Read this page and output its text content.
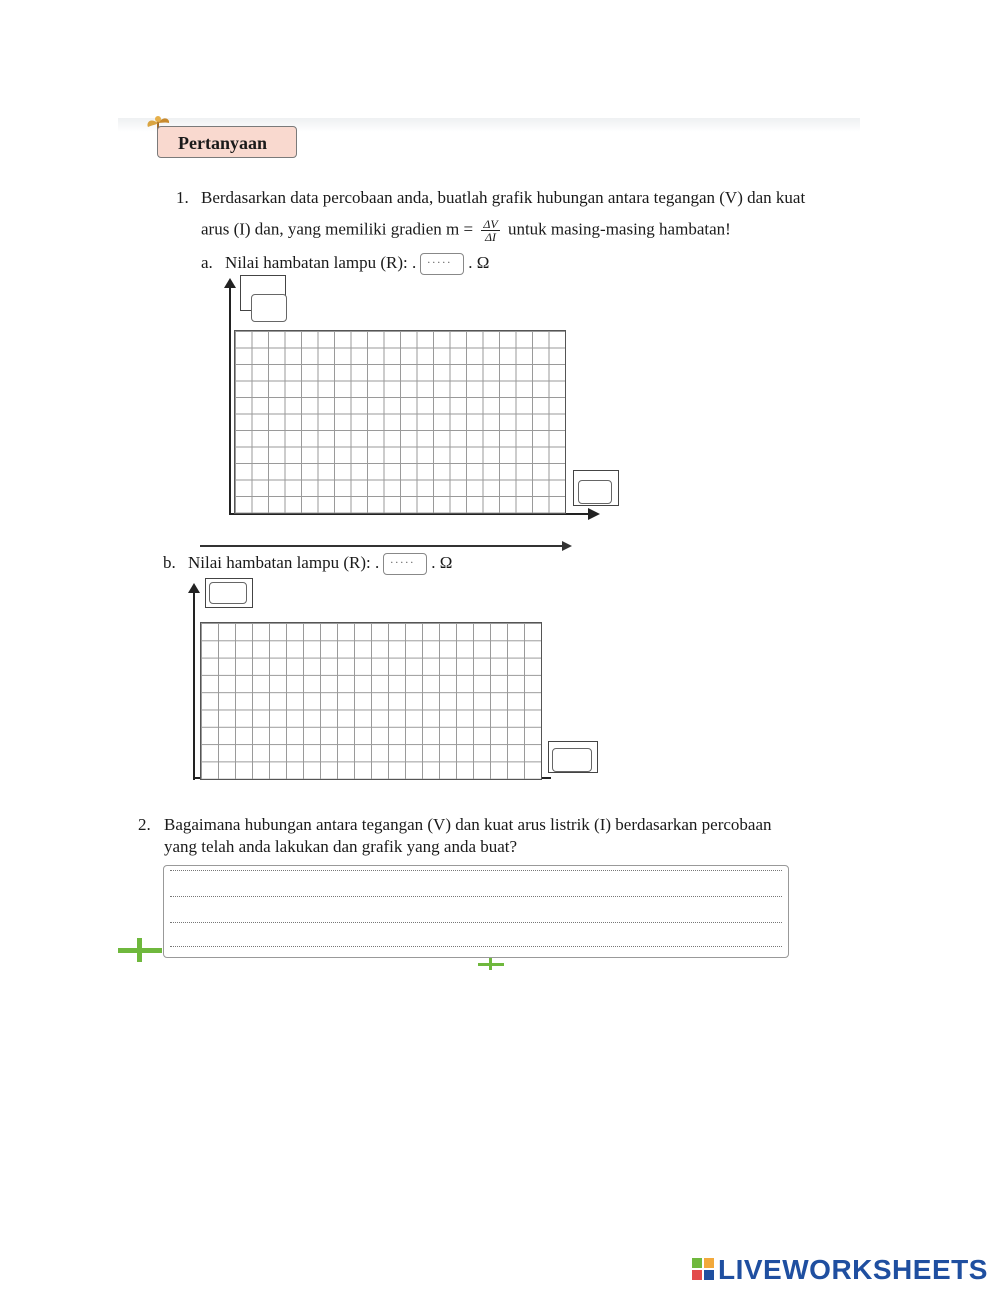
Pertanyaan
1. Berdasarkan data percobaan anda, buatlah grafik hubungan antara tegangan (V) dan kuat
arus (I) dan, yang memiliki gradien $m = \frac{\Delta V}{\Delta I}$ untuk masing-masing hambatan!
a. Nilai hambatan lampu (R): . .....	. Ω
b. Nilai hambatan lampu (R): . .....	. Ω
2. Bagaimana hubungan antara tegangan (V) dan kuat arus listrik (I) berdasarkan percobaan
yang telah anda lakukan dan grafik yang anda buat?
LIVEWORKSHEETS
